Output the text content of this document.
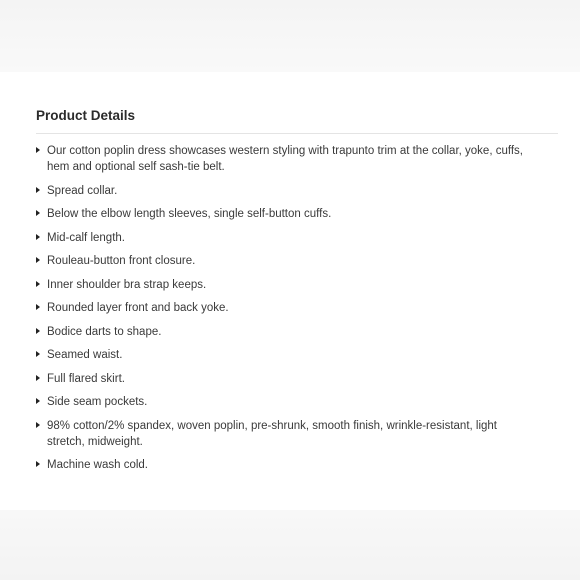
Product Details
Our cotton poplin dress showcases western styling with trapunto trim at the collar, yoke, cuffs, hem and optional self sash-tie belt.
Spread collar.
Below the elbow length sleeves, single self-button cuffs.
Mid-calf length.
Rouleau-button front closure.
Inner shoulder bra strap keeps.
Rounded layer front and back yoke.
Bodice darts to shape.
Seamed waist.
Full flared skirt.
Side seam pockets.
98% cotton/2% spandex, woven poplin, pre-shrunk, smooth finish, wrinkle-resistant, light stretch, midweight.
Machine wash cold.
